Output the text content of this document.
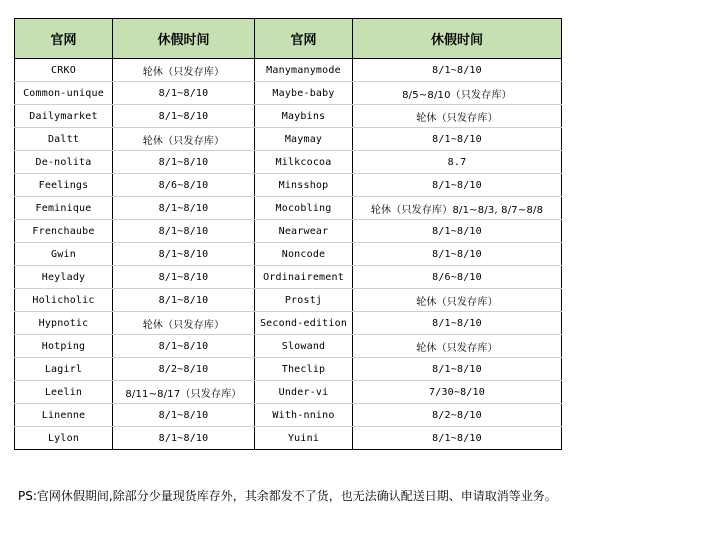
官网	休假时间	官网	休假时间
CRKO	轮休（只发存库）	Manymanymode	8/1~8/10
Common-unique	8/1~8/10	Maybe-baby	8/5~8/10（只发存库）
Dailymarket	8/1~8/10	Maybins	轮休（只发存库）
Daltt	轮休（只发存库）	Maymay	8/1~8/10
De-nolita	8/1~8/10	Milkcocoa	8.7
Feelings	8/6~8/10	Minsshop	8/1~8/10
Feminique	8/1~8/10	Mocobling	轮休（只发存库）8/1~8/3, 8/7~8/8
Frenchaube	8/1~8/10	Nearwear	8/1~8/10
Gwin	8/1~8/10	Noncode	8/1~8/10
Heylady	8/1~8/10	Ordinairement	8/6~8/10
Holicholic	8/1~8/10	Prostj	轮休（只发存库）
Hypnotic	轮休（只发存库）	Second-edition	8/1~8/10
Hotping	8/1~8/10	Slowand	轮休（只发存库）
Lagirl	8/2~8/10	Theclip	8/1~8/10
Leelin	8/11~8/17（只发存库）	Under-vi	7/30~8/10
Linenne	8/1~8/10	With-nnino	8/2~8/10
Lylon	8/1~8/10	Yuini	8/1~8/10
PS:官网休假期间,除部分少量现货库存外，其余都发不了货，也无法确认配送日期、申请取消等业务。
